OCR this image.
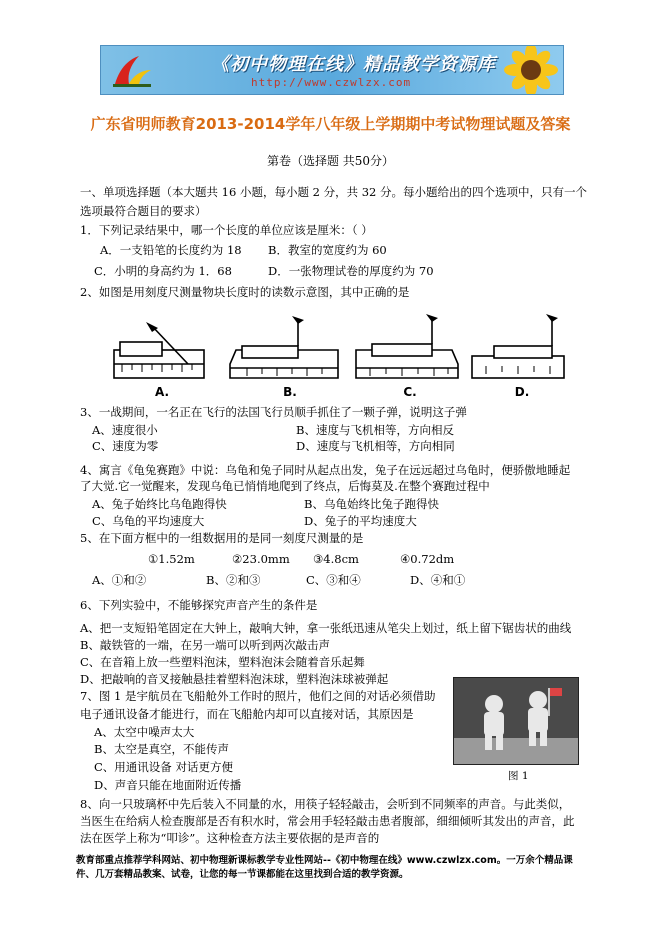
《初中物理在线》精品教学资源库
http://www.czwlzx.com
广东省明师教育2013-2014学年八年级上学期期中考试物理试题及答案
第卷（选择题 共50分）
一、单项选择题（本大题共 16 小题，每小题 2 分，共 32 分。每小题给出的四个选项中，只有一个
选项最符合题目的要求）
1．下列记录结果中，哪一个长度的单位应该是厘米：（ ）
A．一支铅笔的长度约为 18 B．教室的宽度约为 60
C．小明的身高约为 1．68	D．一张物理试卷的厚度约为 70
2、如图是用刻度尺测量物块长度时的读数示意图，其中正确的是
A.	B.	C.	D.
3、一战期间，一名正在飞行的法国飞行员顺手抓住了一颗子弹，说明这子弹
A、速度很小	B、速度与飞机相等，方向相反
C、速度为零	D、速度与飞机相等，方向相同
4、寓言《龟兔赛跑》中说：乌龟和兔子同时从起点出发，兔子在远远超过乌龟时，便骄傲地睡起
了大觉.它一觉醒来，发现乌龟已悄悄地爬到了终点，后悔莫及.在整个赛跑过程中
A、兔子始终比乌龟跑得快	B、乌龟始终比兔子跑得快
C、乌龟的平均速度大	D、兔子的平均速度大
5、在下面方框中的一组数据用的是同一刻度尺测量的是
①1.52m	②23.0mm ③4.8cm	④0.72dm
A、①和②	B、②和③	C、③和④	D、④和①
6、下列实验中，不能够探究声音产生的条件是
A、把一支短铅笔固定在大钟上，敲响大钟，拿一张纸迅速从笔尖上划过，纸上留下锯齿状的曲线
B、敲铁管的一端，在另一端可以听到两次敲击声
C、在音箱上放一些塑料泡沫，塑料泡沫会随着音乐起舞
D、把敲响的音叉接触悬挂着塑料泡沫球，塑料泡沫球被弹起
7、图 1 是宇航员在飞船舱外工作时的照片，他们之间的对话必须借助
电子通讯设备才能进行，而在飞船舱内却可以直接对话，其原因是
A、太空中噪声太大
B、太空是真空，不能传声
C、用通讯设备 对话更方便
D、声音只能在地面附近传播
图 1
8、向一只玻璃杯中先后装入不同量的水，用筷子轻轻敲击，会听到不同频率的声音。与此类似，
当医生在给病人检查腹部是否有积水时，常会用手轻轻敲击患者腹部，细细倾听其发出的声音，此
法在医学上称为“叩诊”。这种检查方法主要依据的是声音的
教育部重点推荐学科网站、初中物理新课标教学专业性网站--《初中物理在线》www.czwlzx.com。一万余个精品课
件、几万套精品教案、试卷，让您的每一节课都能在这里找到合适的教学资源。
